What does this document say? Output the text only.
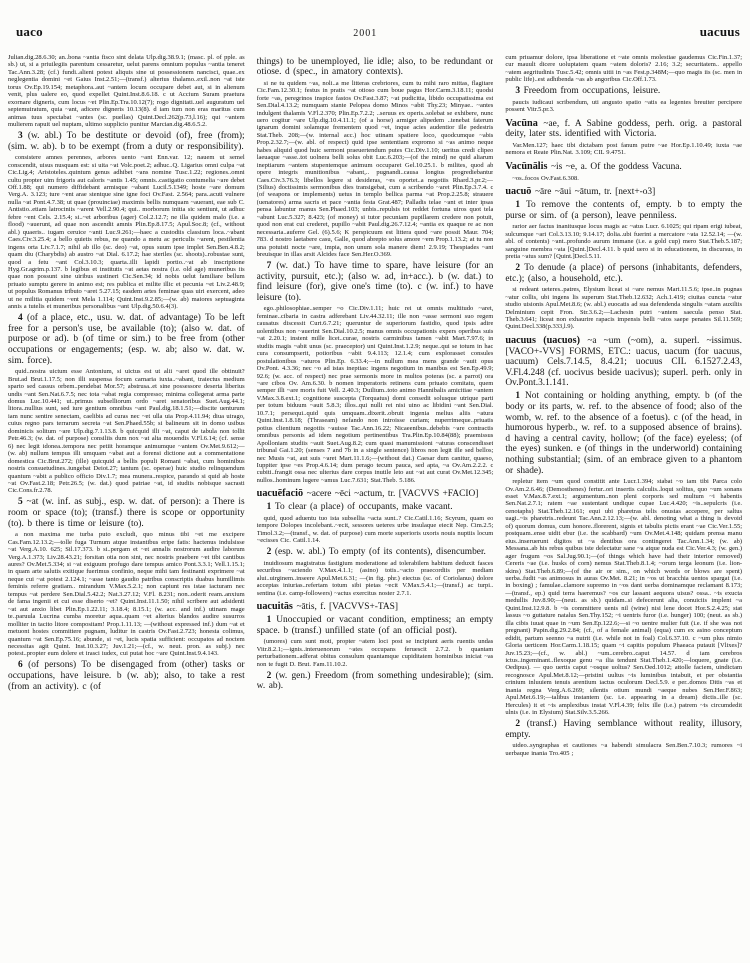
uaco	2001	uacuus

Julian.dig.28.6.30; an..bona ~antia fisco sint delata Ulp.dig.38.9.1; (masc. pl. of pple. as sb.) ut, si a priuilegiis parentum cessaretur, uelut parens omnium populus ~antia teneret Tac.Ann.3.28; (cf.) fundi..alieni potest aliquis sine ui possessionem nancisci, quae..ex neglegentia domini ~et Gaius Inst.2.51;—(transf.) alterius thalamo..exil..non ~at iste torus Ov.Ep.19.154; metaphora..aut ~antem locum occupare debet aut, si in alienum venit, plus ualere eo, quod expellet Quint.Inst.8.6.18. c ut Accium Suram praetura exornare digneris, cum locus ~et Plin.Ep.Tra.10.12(7); rogo dignitati..uel auguratum uel septemuiratum, quia ~ant, adicere digneris 10.13(8). d iam tum non eras maritus cum animas tuus spectabat ~antes (sc. puellas) Quint.Decl.262(p.73,l.16); qui ~antem mulierem rapuit uel nuptam, ultimo supplicio punitur Marcian.dig.48.6.5.2.

3 (w. abl.) To be destitute or devoid (of), free (from); (sim. w. ab). b to be exempt (from a duty or responsibility).

consistere amnes perennes, arbores uento ~ant Enn.var. 12; nauem ut semel conscendit, uisus nusquam est: si uita ~at Volc.poet.2; adhuc..Q. Ligarius omni culpa ~at Cic.Lig.4; Aristoteles..quintum genus adhibet ~ans nomine Tusc.1.22; regiones..omni cultu propter uim frigoris aut caloris ~antis 1.45; omnis..castigatio contumelia ~are debet Off.1.88; qui numero diffidebant armisque ~abant Lucil.5.1349; hoste ~are domum Verg.A. 3.123; ture ~ent arae stentque sine igne foci Ov.Fast. 2.564; para..acuti vulnere nulla ~at Pont.4.7.38; ut quae (prouinciae) maximis bellis numquam ~auerant, eae sub C. Antistio..etiam latrociniis ~arent Vell.2.90.4; qui.. morborum initia sic sentiunt, ut adhuc febre ~ent Cels. 2.15.4; si..~et arboribus (ager) Col.2.12.7; ne illa quidem malo (i.e. a flood) ~auerunt, ad quae non ascendit amnis Plin.Ep.8.17.5; Apul.Soc.8; (cf., without abl.) quaeris.. iugam ceruice ~anti Luc.9.261;—haec a custodiis classium loca..~abant Caes.Civ.3.25.4; a bello quietis rebus, ne quando a metu ac periculis ~arent, pestilentia ingens orta Liv.7.1.7; nihil ab illo (sc. deo) ~at, opus suum ipse implet Sen.Ben.4.8.2; quam diu (Charybdis) ab austro ~at Dial. 6.17.2; hae steriles (sc. shoots)..robustae sunt, quod a fetu ~ant Col.3.10.3; quarta..illi lapidi portio..~at ab inscriptione Hyg.Gr.agrim.p.137. b legibus et institutis ~at aetas nostra (i.e. old age) muneribus iis quae non possunt sine uiribus sustineri Cic.Sen.34; id nobis uelut familiare bellum priuato sumptu gerere in animo est; res publica et milite illic et pecunia ~et Liv.2.48.9; ut populus Romanus tributo ~aret 5.27.15; easdem artes feminae quas uiri exercent, adeo ut ne militia quidem ~ent Mela 1.114; Quint.Inst.9.2.85;—(w. ab) maiores septuaginta annis a tutelis et muneribus personalibus ~ant Ulp.dig.50.6.4(3).

4 (of a place, etc., usu. w. dat. of advantage) To be left free for a person's use, be available (to); (also w. dat. of purpose or ad). b (of time or sim.) to be free from (other occupations or engagements; (esp. w. ab; also w. dat. w. sim. force).

quid..nostra uictum esse Antonium, si uictus est ut alii ~aret quod ille obtinuit? Brut.ad Brut.1.17.5; non illi suspensa focum carnaria iuxta..~abant, traiectus medium sparto sed cassus orbem..pendebat Mor.57; abstrusa..et sine possessore deserta liberius undis ~ant Sen.Nat.6.7.5; nec tota ~abat regia compresso; minima collegerat arma parte domus Luc.10.441; ut..primus subselliorum ordo ~aret senatoribus Suet.Aug.44.1; litora..nullius sunt, sed iure gentium omnibus ~ant Paul.dig.18.1.51;—discite uenturum iam nunc sentire senectam, caelibis ad curas nec ~et ulla uia Prop.4.11.94; diua uirago, cuius regno pars terrarum secreta ~at Sen.Phaed.55b; si balineum sit in domo usibus dominicis solitum ~are Ulp.dig.7.1.13.8. b quicquid illi ~at, caput de tabula non tollit Petr.46.3; (w. dat. of purpose) consiliis dum nox ~at alta mouendis V.Fl.6.14; (cf. sense 6) nec legit idonea..tempora nec petiit horamque animumque ~antem Ov.Met.9.612;—(w. ab) nullum tempus illi umquam ~abat aut a forensi dictione aut a commentatione domestica Cic.Brut.272; (ille) quicquid a bellis populi Romani ~abat, cum hominibus nostris consuetudines..iungebat Deiot.27; tantum (sc. operae) huic studio relinquendum quantum ~abit a publico officio Div.1.7; mea munera..respice, parando si quid ab hoste ~at Ov.Fast.2.18; Petr.26.5; (w. dat.) quod patriae ~at, id studiis nobisque sacrasti Cic.Cons.fr.2.78.

5 ~at (w. inf. as subj., esp. w. dat. of person): a There is room or space (to); (transf.) there is scope or opportunity (to). b there is time or leisure (to).

a non maxima me turba puto excludi, quo minus tibi ~et me excipere Cas.Fam.12.13.2;—tolle fuga Turnum atque instantibus eripe fatis: hactenus indulsisse ~at Verg.A.10. 625; Sil.17.373. b si..pergam et ~et annalis nostrorum audire laborum Verg.A.1.373; Liv.28.43.21; forsitan otia non sint, nec nostris praebere ~et tibi cantibus aures? Ov.Met.5.334; si ~at exiguum profugo dare tempus amico Pont.3.3.1; Vell.1.15.1; in quam arte salutis exitique fuerimus confinio, neque mihi tam festinanti exprimere ~at neque cui ~at potest 2.124.1; ~asse tanto gaudio patribus conscriptis duabus humillimis feminis referre gratiam.. mirandum V.Max.5.2.1; non capiunt res istae iacturam nec tempus ~at perdere Sen.Dial.5.42.2; Nat.3.27.12; V.Fl. 8.231; non..oderit ream..anxium de fama ingenii et cui esse diserto ~et? Quint.Inst.11.1.50; nihil scribere aut adsidenti ~at aut anxio libet Plin.Ep.1.22.11; 3.18.4; 8.15.1; (w. acc. and inf.) utinam mage te..paruula Lucrina cumba moretur aqua..quam ~et alterius blandos audire susurros molliter in tacito litore compositam! Prop.1.11.13; —(without expressed inf.) dum ~at et metuont hostes committere pugnam, luditur in castris Ov.Fast.2.723; honesta colimus, quantum ~at Sen.Ep.75.16; abunde, si ~et, lucis spatia sufficient: occupatos ad noctem necessitas agit Quint. Inst.10.3.27; Juv.1.21;—(cf., w. neut. pron. as subj.) nec potest..propter eum dolere et irasci iudex, cui putat hoc ~are Quint.Inst.9.4.143.

6 (of persons) To be disengaged from (other) tasks or occupations, have leisure. b (w. ab); also, to take a rest (from an activity). c (of

things) to be unemployed, lie idle; also, to be redundant or otiose. d (spec., in amatory contexts).

si ne tu quidem ~as, noli..a me litteras crebriores, cum tu mihi raro mittas, flagitare Cic.Fam.12.30.1; festus in pratis ~at otioso cum boue pagus Hor.Carm.3.18.11; quodsi forte ~as, peregrinos inspice fastos Ov.Fast.3.87; ~at pudicitia, libido occupatissima est Sen.Dial.4.13.2; numquam stante Pelopea domo Minos ~abit Thy.23; Minyae.. ~antes indulgent thalamis V.Fl.2.370; Plin.Ep.7.2.2; ..seruus ex operis..solebat se exhibere, nunc uero cogitur ~are Ulp.dig.10.4.11.1; (of a horse) armiger alipedem ..tenebat faterum ignarum domini solamque frementem quod ~et, inque acies audentior ille pedestris Stat.Theb. 208;—(w. internal acc.) hoc utinam spatiere loco, quodcumque ~abis Prop.2.32.7;—(w. abl. of respect) quid ipse sententiam expromo si ~as animo neque habes aliquid quod huic sermoni praeuertendum putes Cic.Div.1.10; ueritus credi clipeo laeuaque ~asse..tot uolnera belli solus obit Luc.6.203;—(of the mind) ne quid aliarum ineptiarum ~antem stupentemque animum occuparet Gel.10.25.1. b milites, quod ab opere integris munitionibus ~abant,.. pugnandi..causa longius progrediebantur Caes.Civ.3.76.3; libellos legere si desideras, ~es oportet..a negotiis Rhard.3.pr.2;—(Silius) doctissimis sermonibus dies transigebat, cum a scribendo ~aret Plin.Ep.3.7.4. c (of weapons or implements) uetus in templo bellica parma ~at Prop.2.25.8; strauere (uenatores) arma sacris et pace ~antia festa Grat.487; Palladis telae ~ant et inter ipsas pensa labuntur manus Sen.Phaed.103; unbis..repulsis tot reddet fortuna uiros quot tela ~abunt Luc.5.327; 8.423; (of money) si tutor pecuniam pupillarem credere non potuit, quod non erat cui crederet, pupillo ~abit Paul.dig.26.7.12.4; ~antia ex quaque re ac non necessaria..auferre Gel. (6).5.6; K perspicuum est littera quod ~are possit Maur. 704; 783. d nostro laetabere casu, Galle, quod abrepto solus amore ~em Prop.1.13.2; at tu non una potuisti nocte ~are, impia, non unum sola manere diem! 2.9.19; Thespiades ~ant breuisque in illas arsit Alcides face Sen.Her.O.369.

7 (w. dat.) To have time to spare, have leisure (for an activity, pursuit, etc.); (also w. ad, in+acc.). b (w. dat.) to find leisure (for), give one's time (to). c (w. inf.) to have leisure (to).

ego..philosophiae..semper ~o Cic.Div.1.11; huic rei ut omnis multitudo ~aret, feminae..cibaria in castra adferebant Liv.44.32.11; ille non ~asse sermoni suo regem causatus discessit Curt.6.7.21; queruntur de superiorum fastidio, quod ipsis adire uolentibus non ~auerint Sen.Dial.10.2.5; manus omnis occupationis expers operibus suis ~at 2.20.1; instent mille licet..curae, nostris carminibus tamen ~abit Mart.7.97.6; in studiis magis ~abit unus (sc. praeceptor) uni Quint.Inst.1.2.9; neque..qui se totum in hac cura consumpserit, potioribus ~abit 9.4.113; 12.1.4; cum explorasset consules postulationibus ~aturos Plin.Ep. 6.33.4;—in nullum mea mens grande ~auit opus Ov.Pont. 4.3.36; nec ~o ad istas ineptias: ingens negotium in manibus est Sen.Ep.49.9; 92.6; (w. acc. of respect) nec prae sermonis more in multos poteras (sc. a parrot) ora ~are cibos Ov. Am.6.30. b nomen imperatoris retinens cum priuato comitatu, quem semper illi ~are moris fuit Vell. 2.40.3; Duilium..toto animo Hannibalis amicitiae ~antem V.Max.3.8.ext.1; cognitione suscepta (Torquatus) domi consedit solusque utrique parti per totum biduum ~auit 5.8.3; illos..qui nulli rei nisi uino ac libidini ~ant Sen.Dial. 10.7.1; persequi..quid quis umquam..dixerit..obruit ingenia melius aliis ~atura Quint.Inst.1.8.18; (Thraseam) nefando non introisse curiam; nuperrimeque..priuatis potius clientium negotiis ~auisse Tac.Ann.16.22; Nicaeenibus..debebis ~are contractis omnibus personis ad idem negotium pertinentibus Tra.Plin.Ep.10.84(88); praemissus Apolloniam studiis ~auit Suet.Aug.8.2; cum quasi manumissioni ~aturas conscendisset tribunal Gai.1.20; (senses 7 and 7b in a single sentence) libros non legit ille sed bellos; nec Musis ~at, aut suis ~aret Mart.11.1.6;—(without dat.) Caesar dum canitur, quaeso, Iuppiter ipse ~es Prop.4.6.14; dum perago tecum pauca, sed apta, ~a Ov.Am.2.2.2. c cubiti..frangit ossa nec ulterius dare corpus inutile leto aut ~at aut curat Ov.Met.12.345; nullos..hominum lugere ~amus Luc.7.631; Stat.Theb. 5.186.

uacuēfaciō ~acere ~ēci ~actum, tr. [VACVVS +FACIO]

1 To clear (a place) of occupants, make vacant.

quid, quod aduentu tuo ista subsellia ~acta sunt..? Cic.Catil.1.16; Scyrum, quam eo tempore Dolopes incolebant..~ecit, sessores ueteres urbe insulaque eiecit Nep. Cim.2.5; Timol.3.2;—(transf., w. dat. of purpose) cum morte superioris uxoris nouis nuptiis locum ~ecisses Cic. Catil.1.14.

2 (esp. w. abl.) To empty (of its contents), disencumber.

inuidiosum magistratus fastigium moderatione ad tolerabilem habitum deduxit fasces securibus ~aciendo V.Max.4.1.1; (asino) totis..~acto praecordiis per mediam alui..uirginem..inseere Apul.Met.6.31; —(in fig. phr.) eiectus (sc. of Coriolanus) dolore acceptas iniurias..refertam totum sibi pietas ~ecit V.Max.5.4.1;—(transf.) ac turpi.. sentina (i.e. camp-followers) ~actus exercitus noster 2.7.1.

uacuitās ~ātis, f. [VACVVS+-TAS]

1 Unoccupied or vacant condition, emptiness; an empty space. b (transf.) unfilled state (of an official post).

(umores) cum sunt moti, propter ~atem loci post se incipiunt aeris ruentis undas Vitr.8.2.1;—ignis..interuenorum ~ates occupans feruescit 2.7.2. b quantam perturbationem..adferat obitus consulum quantamque cupiditatem hominibus iniciat ~as non te fugit D. Brut. Fam.11.10.2.

2 (w. gen.) Freedom (from something undesirable); (sim. w. ab).

cum priuamur dolore, ipsa liberatione et ~ate omnis molestiae gaudemus Cic.Fin.1.37; cur mauult dicere uoluptatem quam ~atem doloris? 2.16; 3.2; securitatem.. appello ~atem aegritudinis Tusc.5.42; omnis uitii in ~as Fest.p.348M;—quo magis iis (sc. men in public life)..est adhibenda ~as ab angoribus Cic.Off.1.73.

3 Freedom from occupations, leisure.

paucis iudicaui scribendum, uti angusto spatio ~atis ea legentes breuiter percipere possent Vitr.5.pr.3.

Vacūna ~ae, f. A Sabine goddess, perh. orig. a pastoral deity, later sts. identified with Victoria.

Var.Men.127; haec tibi dictabam post fanum putre ~ae Hor.Ep.1.10.49; iuxta ~ae nemora et Reate Plin.Nat. 3.109; CIL 9.4751.

Vacūnālis ~is ~e, a. Of the goddess Vacuna.

~os..focos Ov.Fast.6.308.

uacuō ~āre ~āui ~ātum, tr. [next+-o3]

1 To remove the contents of, empty. b to empty the purse or sim. of (a person), leave penniless.

rarior aer factus inanitusque locus magis ac ~atus Lucr. 6.1025; qui ripam erigi iubeat, sulcumque ~ari Col.3.13.10; 9.14.17; dolia..ubi fuerint a mercatore ~ata 12.52.14; —(w. abl. of contents) ~ant..profundo aurum immane (i.e. a gold cup) mero Stat.Theb.5.187; sanguine membra ~ata [Quint.]Decl.4.11. b quid uero si in educationem, in discursus, in pretia ~atus sum? [Quint.]Decl.5.11.

2 To denude (a place) of persons (inhabitants, defenders, etc.); (also, a household, etc.).

si redeant ueteres..patres, Elysium liceat si ~are nemus Mart.11.5.6; ipse..in pugnas ~atur collis, ubi ingens lis superum Stat.Theb.12.632; Ach.1.419; ciuitas cuncta ~atur studio uisionis Apul.Met.8.6; (w. abl.) euocatis ad sua defendenda singulis ~atam auxiliis Delminium cepit Fron. Str.3.6.2;—Lachesin putri ~antem saecula penso Stat. Theb.3.641; liceat non exhaurire rapacis impensis belli ~atos saepe penates Sil.11.569; Quint.Decl.338(p.333,l.9).

uacuus (uacuos) ~a ~um (~om), a. superl. ~issimus. [VACO+-VVS] FORMS, ETC.: uacus, uacum (for uacuus, uacuum) Cels.7.14.5, 8.4.21; uocuus CIL 6.1527.2.43, V.Fl.4.248 (cf. uocivus beside uacivus); superl. perh. only in Ov.Pont.3.1.141.

1 Not containing or holding anything, empty. b (of the body or its parts, w. ref. to the absence of food; also of the womb, w. ref. to the absence of a foetus). c (of the head, in humorous hyperb., w. ref. to a supposed absence of brains). d having a central cavity, hollow; (of the face) eyeless; (of the eyes) sunken. e (of things in the underworld) containing nothing substantial; (sim. of an embrace given to a phantom or shade).

repletur item ~um quod constitit ante Lucr.1.394; stabat ~o iam tibi Parca colo Ov.Am.2.6.46; (Demosthenes) fertur..ori insertis calculis..loqui solitus, quo ~um sonans esset V.Max.8.7.ext.1; argumentum..non pleni corporis sed multum ~i habentis Sen.Nat.2.7.1; ratem ~ae sustentant undique cupae Luc.4.420; ~is..sepulcris (i.e. cenotaphs) Stat.Theb.12.161; equi ubi pharetras telis onustas accepere, per saltus uagi..~is pharetris..redeunt Tac.Ann.2.12.13;—(w. abl. denoting what a thing is devoid of) quorum domus, cum honore..florerent, signis et tabulis pictis erant ~ae Cic.Ver.1.55; postquam..ense uidit ebur (i.e. the scabbard) ~um Ov.Met.4.148; quidam prensa manu eius..inseruerunt digitos ut ~a dentibus ora contingeret Tac.Ann.1.34; (w. ab) Messana..ab his rebus quibus iste delectatur sane ~a atque nuda est Cic.Ver.4.3; (w. gen.) ager frugum ~os Sal.Jug.90.1;—(of things which have had their interior removed) Cereris ~ae (i.e. husks of corn) nemus Stat.Theb.8.1.4; ~orum terga leonum (i.e. lion-skins) Stat.Theb.6.89;—(of the air or sim., on which words or blows are spent) uerba..fudit ~as animosus in auras Ov.Met. 8.21; in ~os ut bracchia uentos spargat (i.e. in boxing) ; famulae..clamore supremo in ~os dant uerba dominamque reclamant 8.173;—(transf., ep.) quid terra haeremus? ~os cur lassant aequora uisus? ossa.. ~is exucta medullis Juv.8.90;—(neut. as sb.) quidam..si defecerunt alia, conuiciis implent ~a Quint.Inst.12.9.8. b ~is committere uenis nil (wine) nisi lene docet Hor.S.2.4.25; stat lassus ~o guttature natalus Sen.Thy.152; ~i uentris furor (i.e. hunger) 100; (neut. as sb.) illa cibis iuuat quae in ~um Sen.Ep.122.6;—si ~o uentre mulier fuit (i.e. if she was not pregnant) Papin.dig.29.2.84; (cf., of a female animal) (equa) cum ex asino conceptum edidit, partum seenno ~a nutrit (i.e. while not in foal) Col.6.37.10. c ~um plus nimio Gloria uerticem Hor.Carm.1.18.15; quam ~i capitis populum Phaeaca putauit [Vlixes]? Juv.15.23;—(cf., w. abl.) ~um..cerebro..caput 14.57. d iam cerebros ictus..ingeminant..flexoque genu ~a ilia tendunt Stat.Theb.1.420;—loquere, gnate (i.e. Oedipus). — quo uertis caput ~osque uoltus? Sen.Oed.1012; attolle faciem, uindictam recognosce Apul.Met.8.12;—pristini uultus ~is luminibus intabuit, et per obstantia crinium inluuiem tenuis arentium iactus oculorum Decl.5.9. e per..domos Ditis ~as et inania regna Verg.A.6.269; silentis otium mundi ~aeque nubes Sen.Her.F.863; Apul.Met.6.19;—talibus instantem (sc. i.e. appearing in a dream) dictis..ille (sc. Hercules) it et ~is amplexibus instat V.Fl.4.39; felix ille (i.e.) patrem ~is circumdedit ulnis (i.e. in Elysium) Stat.Silv.3.5.266.

2 (transf.) Having semblance without reality, illusory, empty.

uideo..syngraphas et cautiones ~a habendi simulacra Sen.Ben.7.10.3; rumores ~i uerbaque inania Tro.405 ;
